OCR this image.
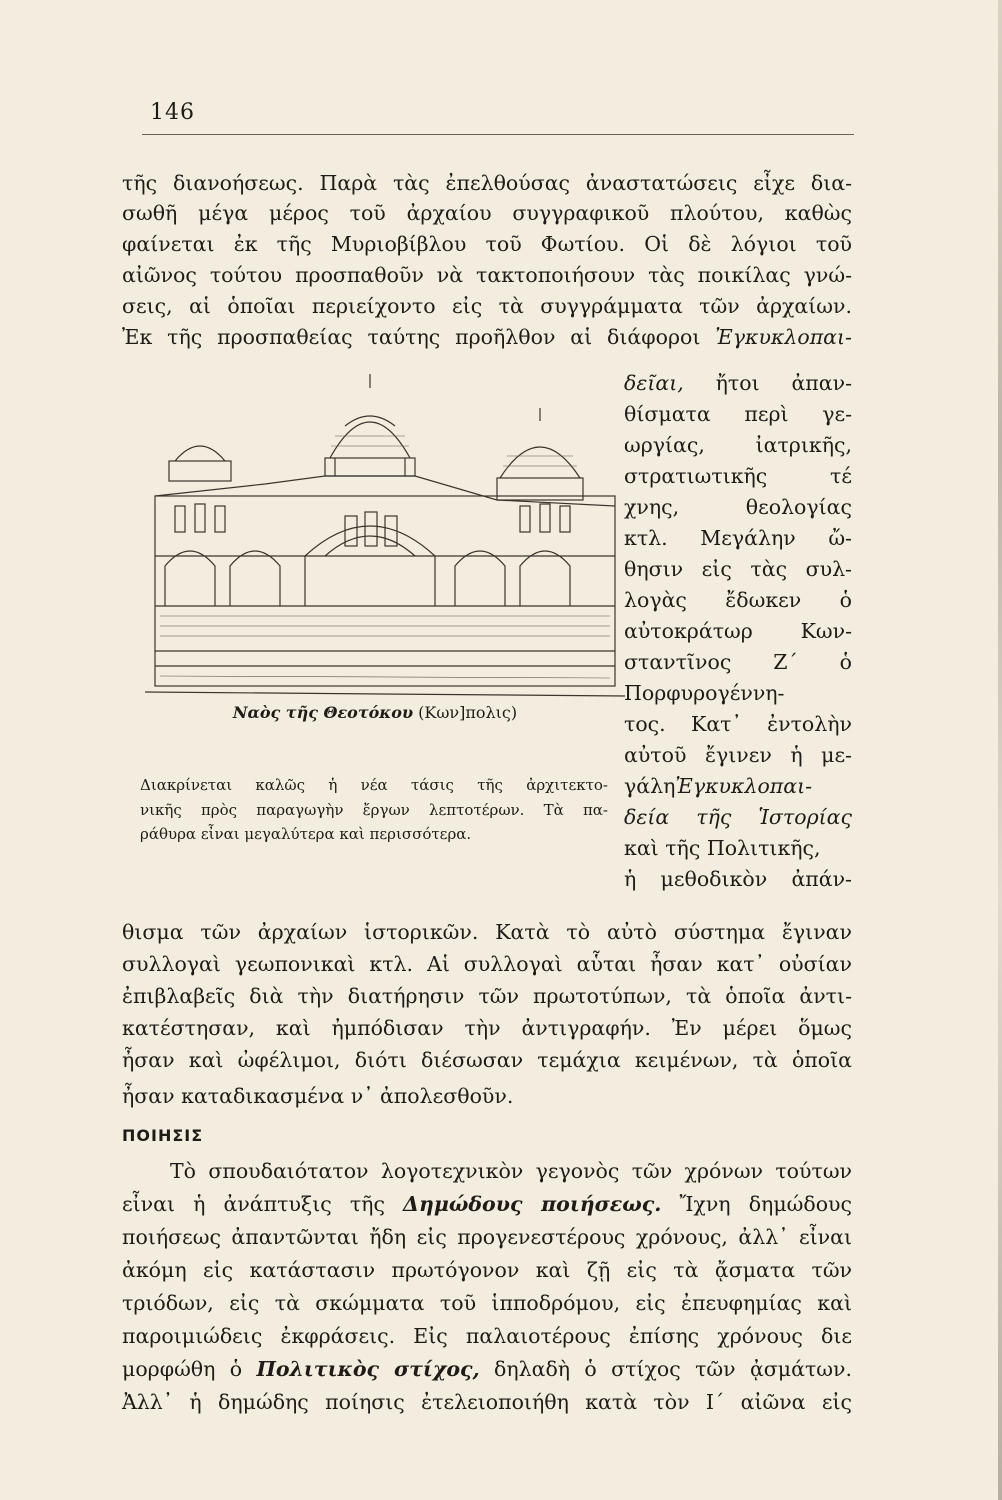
146
τῆς διανοήσεως. Παρὰ τὰς ἐπελθούσας ἀναστατώσεις εἶχε δια-
σωθῆ μέγα μέρος τοῦ ἀρχαίου συγγραφικοῦ πλούτου, καθὼς
φαίνεται ἐκ τῆς Μυριοβίβλου τοῦ Φωτίου. Οἱ δὲ λόγιοι τοῦ
αἰῶνος τούτου προσπαθοῦν νὰ τακτοποιήσουν τὰς ποικίλας γνώ-
σεις, αἱ ὁποῖαι περιείχοντο εἰς τὰ συγγράμματα τῶν ἀρχαίων.
Ἐκ τῆς προσπαθείας ταύτης προῆλθον αἱ διάφοροι Ἐγκυκλοπαι-
Ναὸς τῆς Θεοτόκου (Κων]πολις)
Διακρίνεται καλῶς ἡ νέα τάσις τῆς ἀρχιτεκτο-
νικῆς πρὸς παραγωγὴν ἔργων λεπτοτέρων. Τὰ πα-
ράθυρα εἶναι μεγαλύτερα καὶ περισσότερα.
δεῖαι, ἤτοι ἀπαν-
θίσματα περὶ γε-
ωργίας, ἰατρικῆς,
στρατιωτικῆς τέ
χνης, θεολογίας
κτλ. Μεγάλην ὤ-
θησιν εἰς τὰς συλ-
λογὰς ἔδωκεν ὁ
αὐτοκράτωρ Κων-
σταντῖνος Ζ΄ ὁ
Πορφυρογέννη-
τος. Κατ᾽ ἐντολὴν
αὐτοῦ ἔγινεν ἡ με-
γάληἘγκυκλοπαι-
δεία τῆς Ἱστορίας
καὶ τῆς Πολιτικῆς,
ἡ μεθοδικὸν ἀπάν-
θισμα τῶν ἀρχαίων ἱστορικῶν. Κατὰ τὸ αὐτὸ σύστημα ἔγιναν
συλλογαὶ γεωπονικαὶ κτλ. Αἱ συλλογαὶ αὗται ἦσαν κατ᾽ οὐσίαν
ἐπιβλαβεῖς διὰ τὴν διατήρησιν τῶν πρωτοτύπων, τὰ ὁποῖα ἀντι-
κατέστησαν, καὶ ἠμπόδισαν τὴν ἀντιγραφήν. Ἐν μέρει ὅμως
ἦσαν καὶ ὠφέλιμοι, διότι διέσωσαν τεμάχια κειμένων, τὰ ὁποῖα
ἦσαν καταδικασμένα ν᾽ ἀπολεσθοῦν.
ΠΟΙΗΣΙΣ
Τὸ σπουδαιότατον λογοτεχνικὸν γεγονὸς τῶν χρόνων τούτων
εἶναι ἡ ἀνάπτυξις τῆς Δημώδους ποιήσεως. Ἴχνη δημώδους
ποιήσεως ἀπαντῶνται ἤδη εἰς προγενεστέρους χρόνους, ἀλλ᾽ εἶναι
ἀκόμη εἰς κατάστασιν πρωτόγονον καὶ ζῇ εἰς τὰ ᾄσματα τῶν
τριόδων, εἰς τὰ σκώμματα τοῦ ἱπποδρόμου, εἰς ἐπευφημίας καὶ
παροιμιώδεις ἐκφράσεις. Εἰς παλαιοτέρους ἐπίσης χρόνους διε
μορφώθη ὁ Πολιτικὸς στίχος, δηλαδὴ ὁ στίχος τῶν ᾀσμάτων.
Ἀλλ᾽ ἡ δημώδης ποίησις ἐτελειοποιήθη κατὰ τὸν Ι΄ αἰῶνα εἰς
